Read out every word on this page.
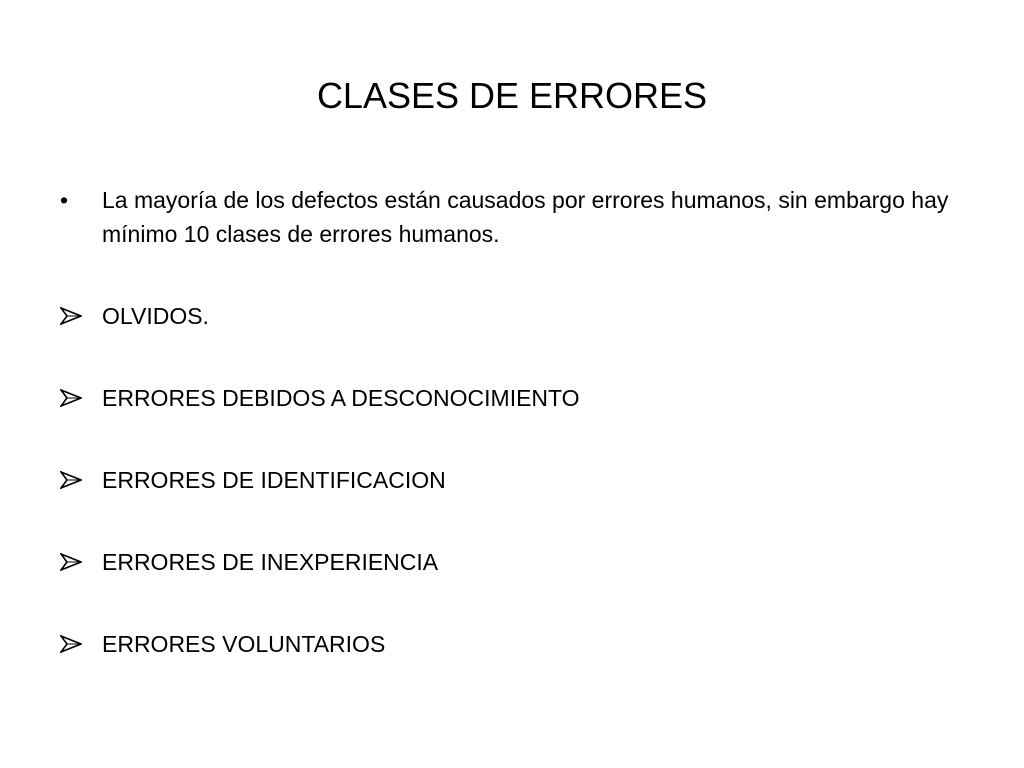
CLASES DE ERRORES
•	La mayoría de los defectos están causados por errores humanos, sin embargo hay mínimo 10 clases de errores humanos.
OLVIDOS.
ERRORES DEBIDOS A DESCONOCIMIENTO
ERRORES DE IDENTIFICACION
ERRORES DE INEXPERIENCIA
ERRORES VOLUNTARIOS
